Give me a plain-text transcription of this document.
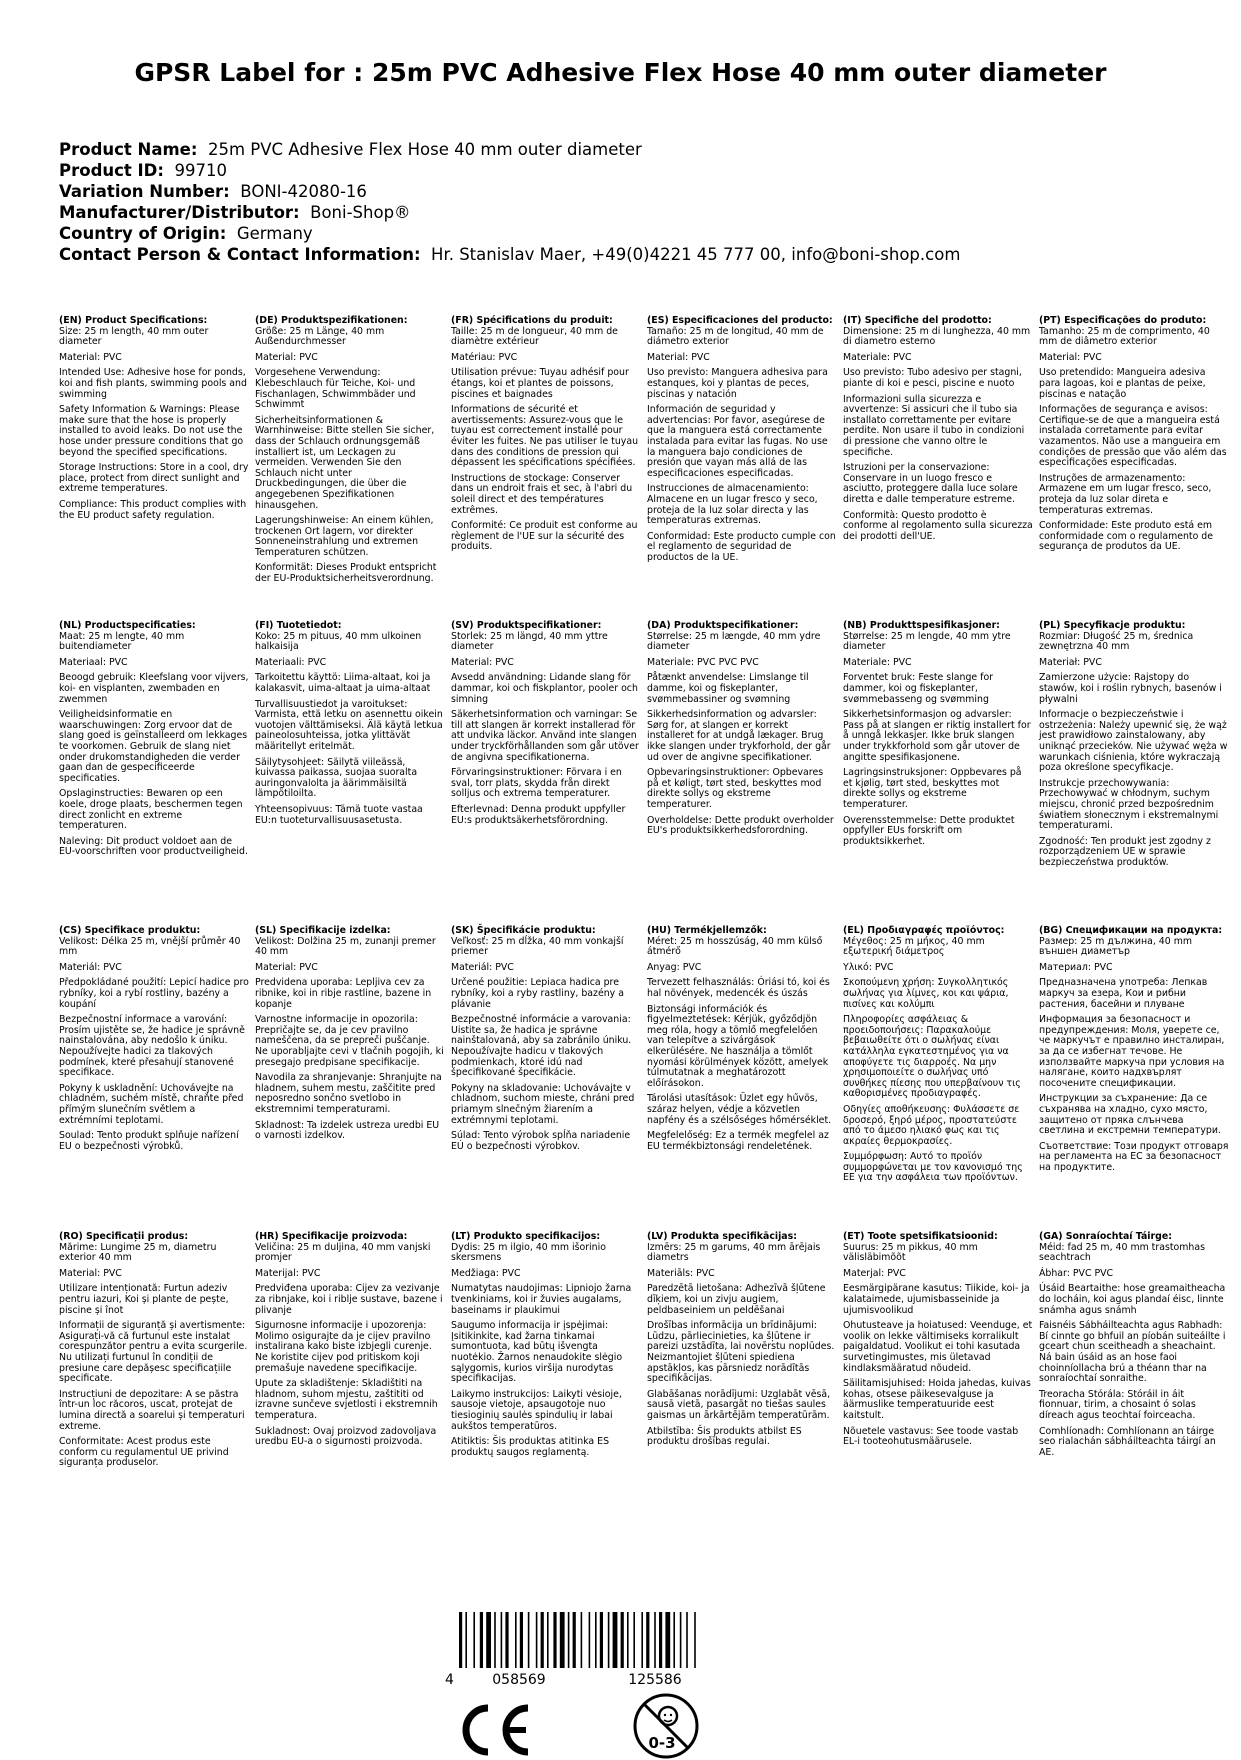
GPSR Label for : 25m PVC Adhesive Flex Hose 40 mm outer diameter
Product Name: 25m PVC Adhesive Flex Hose 40 mm outer diameter
Product ID: 99710
Variation Number: BONI-42080-16
Manufacturer/Distributor: Boni-Shop®
Country of Origin: Germany
Contact Person & Contact Information: Hr. Stanislav Maer, +49(0)4221 45 777 00, info@boni-shop.com
(EN) Product Specifications:

Size: 25 m length, 40 mm outer diameter

Material: PVC

Intended Use: Adhesive hose for ponds, koi and fish plants, swimming pools and swimming

Safety Information & Warnings: Please make sure that the hose is properly installed to avoid leaks. Do not use the hose under pressure conditions that go beyond the specified specifications.

Storage Instructions: Store in a cool, dry place, protect from direct sunlight and extreme temperatures.

Compliance: This product complies with the EU product safety regulation.

(DE) Produktspezifikationen:

Größe: 25 m Länge, 40 mm Außendurchmesser

Material: PVC

Vorgesehene Verwendung: Klebeschlauch für Teiche, Koi- und Fischanlagen, Schwimmbäder und Schwimmt

Sicherheitsinformationen & Warnhinweise: Bitte stellen Sie sicher, dass der Schlauch ordnungsgemäß installiert ist, um Leckagen zu vermeiden. Verwenden Sie den Schlauch nicht unter Druckbedingungen, die über die angegebenen Spezifikationen hinausgehen.

Lagerungshinweise: An einem kühlen, trockenen Ort lagern, vor direkter Sonneneinstrahlung und extremen Temperaturen schützen.

Konformität: Dieses Produkt entspricht der EU-Produktsicherheitsverordnung.

(FR) Spécifications du produit:

Taille: 25 m de longueur, 40 mm de diamètre extérieur

Matériau: PVC

Utilisation prévue: Tuyau adhésif pour étangs, koi et plantes de poissons, piscines et baignades

Informations de sécurité et avertissements: Assurez-vous que le tuyau est correctement installé pour éviter les fuites. Ne pas utiliser le tuyau dans des conditions de pression qui dépassent les spécifications spécifiées.

Instructions de stockage: Conserver dans un endroit frais et sec, à l'abri du soleil direct et des températures extrêmes.

Conformité: Ce produit est conforme au règlement de l'UE sur la sécurité des produits.

(ES) Especificaciones del producto:

Tamaño: 25 m de longitud, 40 mm de diámetro exterior

Material: PVC

Uso previsto: Manguera adhesiva para estanques, koi y plantas de peces, piscinas y natación

Información de seguridad y advertencias: Por favor, asegúrese de que la manguera está correctamente instalada para evitar las fugas. No use la manguera bajo condiciones de presión que vayan más allá de las especificaciones especificadas.

Instrucciones de almacenamiento: Almacene en un lugar fresco y seco, proteja de la luz solar directa y las temperaturas extremas.

Conformidad: Este producto cumple con el reglamento de seguridad de productos de la UE.

(IT) Specifiche del prodotto:

Dimensione: 25 m di lunghezza, 40 mm di diametro esterno

Materiale: PVC

Uso previsto: Tubo adesivo per stagni, piante di koi e pesci, piscine e nuoto

Informazioni sulla sicurezza e avvertenze: Si assicuri che il tubo sia installato correttamente per evitare perdite. Non usare il tubo in condizioni di pressione che vanno oltre le specifiche.

Istruzioni per la conservazione: Conservare in un luogo fresco e asciutto, proteggere dalla luce solare diretta e dalle temperature estreme.

Conformità: Questo prodotto è conforme al regolamento sulla sicurezza dei prodotti dell'UE.

(PT) Especificações do produto:

Tamanho: 25 m de comprimento, 40 mm de diâmetro exterior

Material: PVC

Uso pretendido: Mangueira adesiva para lagoas, koi e plantas de peixe, piscinas e natação

Informações de segurança e avisos: Certifique-se de que a mangueira está instalada corretamente para evitar vazamentos. Não use a mangueira em condições de pressão que vão além das especificações especificadas.

Instruções de armazenamento: Armazene em um lugar fresco, seco, proteja da luz solar direta e temperaturas extremas.

Conformidade: Este produto está em conformidade com o regulamento de segurança de produtos da UE.

(NL) Productspecificaties:

Maat: 25 m lengte, 40 mm buitendiameter

Materiaal: PVC

Beoogd gebruik: Kleefslang voor vijvers, koi- en visplanten, zwembaden en zwemmen

Veiligheidsinformatie en waarschuwingen: Zorg ervoor dat de slang goed is geïnstalleerd om lekkages te voorkomen. Gebruik de slang niet onder drukomstandigheden die verder gaan dan de gespecificeerde specificaties.

Opslaginstructies: Bewaren op een koele, droge plaats, beschermen tegen direct zonlicht en extreme temperaturen.

Naleving: Dit product voldoet aan de EU-voorschriften voor productveiligheid.

(FI) Tuotetiedot:

Koko: 25 m pituus, 40 mm ulkoinen halkaisija

Materiaali: PVC

Tarkoitettu käyttö: Liima-altaat, koi ja kalakasvit, uima-altaat ja uima-altaat

Turvallisuustiedot ja varoitukset: Varmista, että letku on asennettu oikein vuotojen välttämiseksi. Älä käytä letkua paineolosuhteissa, jotka ylittävät määritellyt eritelmät.

Säilytysohjeet: Säilytä viileässä, kuivassa paikassa, suojaa suoralta auringonvalolta ja äärimmäisiltä lämpötiloilta.

Yhteensopivuus: Tämä tuote vastaa EU:n tuoteturvallisuusasetusta.

(SV) Produktspecifikationer:

Storlek: 25 m längd, 40 mm yttre diameter

Material: PVC

Avsedd användning: Lidande slang för dammar, koi och fiskplantor, pooler och simning

Säkerhetsinformation och varningar: Se till att slangen är korrekt installerad för att undvika läckor. Använd inte slangen under tryckförhållanden som går utöver de angivna specifikationerna.

Förvaringsinstruktioner: Förvara i en sval, torr plats, skydda från direkt solljus och extrema temperaturer.

Efterlevnad: Denna produkt uppfyller EU:s produktsäkerhetsförordning.

(DA) Produktspecifikationer:

Størrelse: 25 m længde, 40 mm ydre diameter

Materiale: PVC PVC PVC

Påtænkt anvendelse: Limslange til damme, koi og fiskeplanter, svømmebassiner og svømning

Sikkerhedsinformation og advarsler: Sørg for, at slangen er korrekt installeret for at undgå lækager. Brug ikke slangen under trykforhold, der går ud over de angivne specifikationer.

Opbevaringsinstruktioner: Opbevares på et køligt, tørt sted, beskyttes mod direkte sollys og ekstreme temperaturer.

Overholdelse: Dette produkt overholder EU's produktsikkerhedsforordning.

(NB) Produkttspesifikasjoner:

Størrelse: 25 m lengde, 40 mm ytre diameter

Materiale: PVC

Forventet bruk: Feste slange for dammer, koi og fiskeplanter, svømmebasseng og svømming

Sikkerhetsinformasjon og advarsler: Pass på at slangen er riktig installert for å unngå lekkasjer. Ikke bruk slangen under trykkforhold som går utover de angitte spesifikasjonene.

Lagringsinstruksjoner: Oppbevares på et kjølig, tørt sted, beskyttes mot direkte sollys og ekstreme temperaturer.

Overensstemmelse: Dette produktet oppfyller EUs forskrift om produktsikkerhet.

(PL) Specyfikacje produktu:

Rozmiar: Długość 25 m, średnica zewnętrzna 40 mm

Materiał: PVC

Zamierzone użycie: Rajstopy do stawów, koi i roślin rybnych, basenów i pływalni

Informacje o bezpieczeństwie i ostrzeżenia: Należy upewnić się, że wąż jest prawidłowo zainstalowany, aby uniknąć przecieków. Nie używać węża w warunkach ciśnienia, które wykraczają poza określone specyfikacje.

Instrukcje przechowywania: Przechowywać w chłodnym, suchym miejscu, chronić przed bezpośrednim światłem słonecznym i ekstremalnymi temperaturami.

Zgodność: Ten produkt jest zgodny z rozporządzeniem UE w sprawie bezpieczeństwa produktów.

(CS) Specifikace produktu:

Velikost: Délka 25 m, vnější průměr 40 mm

Materiál: PVC

Předpokládané použití: Lepicí hadice pro rybníky, koi a rybí rostliny, bazény a koupání

Bezpečnostní informace a varování: Prosím ujistěte se, že hadice je správně nainstalována, aby nedošlo k úniku. Nepoužívejte hadici za tlakových podmínek, které přesahují stanovené specifikace.

Pokyny k uskladnění: Uchovávejte na chladném, suchém místě, chraňte před přímým slunečním světlem a extrémními teplotami.

Soulad: Tento produkt splňuje nařízení EU o bezpečnosti výrobků.

(SL) Specifikacije izdelka:

Velikost: Dolžina 25 m, zunanji premer 40 mm

Material: PVC

Predvidena uporaba: Lepljiva cev za ribnike, koi in ribje rastline, bazene in kopanje

Varnostne informacije in opozorila: Prepričajte se, da je cev pravilno nameščena, da se prepreči puščanje. Ne uporabljajte cevi v tlačnih pogojih, ki presegajo predpisane specifikacije.

Navodila za shranjevanje: Shranjujte na hladnem, suhem mestu, zaščitite pred neposredno sončno svetlobo in ekstremnimi temperaturami.

Skladnost: Ta izdelek ustreza uredbi EU o varnosti izdelkov.

(SK) Špecifikácie produktu:

Veľkosť: 25 m dĺžka, 40 mm vonkajší priemer

Materiál: PVC

Určené použitie: Lepiaca hadica pre rybníky, koi a ryby rastliny, bazény a plávanie

Bezpečnostné informácie a varovania: Uistite sa, že hadica je správne nainštalovaná, aby sa zabránilo úniku. Nepoužívajte hadicu v tlakových podmienkach, ktoré idú nad špecifikované špecifikácie.

Pokyny na skladovanie: Uchovávajte v chladnom, suchom mieste, chráni pred priamym slnečným žiarením a extrémnymi teplotami.

Súlad: Tento výrobok spĺňa nariadenie EÚ o bezpečnosti výrobkov.

(HU) Termékjellemzők:

Méret: 25 m hosszúság, 40 mm külső átmérő

Anyag: PVC

Tervezett felhasználás: Óriási tó, koi és hal növények, medencék és úszás

Biztonsági információk és figyelmeztetések: Kérjük, győződjön meg róla, hogy a tömlő megfelelően van telepítve a szivárgások elkerülésére. Ne használja a tömlőt nyomási körülmények között, amelyek túlmutatnak a meghatározott előírásokon.

Tárolási utasítások: Üzlet egy hűvös, száraz helyen, védje a közvetlen napfény és a szélsőséges hőmérséklet.

Megfelelőség: Ez a termék megfelel az EU termékbiztonsági rendeletének.

(EL) Προδιαγραφές προϊόντος:

Μέγεθος: 25 m μήκος, 40 mm εξωτερική διάμετρος

Υλικό: PVC

Σκοπούμενη χρήση: Συγκολλητικός σωλήνας για λίμνες, κοι και ψάρια, πισίνες και κολύμπι

Πληροφορίες ασφάλειας & προειδοποιήσεις: Παρακαλούμε βεβαιωθείτε ότι ο σωλήνας είναι κατάλληλα εγκατεστημένος για να αποφύγετε τις διαρροές. Να μην χρησιμοποιείτε ο σωλήνας υπό συνθήκες πίεσης που υπερβαίνουν τις καθορισμένες προδιαγραφές.

Οδηγίες αποθήκευσης: Φυλάσσετε σε δροσερό, ξηρό μέρος, προστατεύστε από το άμεσο ηλιακό φως και τις ακραίες θερμοκρασίες.

Συμμόρφωση: Αυτό το προϊόν συμμορφώνεται με τον κανονισμό της ΕΕ για την ασφάλεια των προϊόντων.

(BG) Спецификации на продукта:

Размер: 25 m дължина, 40 mm външен диаметър

Материал: PVC

Предназначена употреба: Лепкав маркуч за езера, Кои и рибни растения, басейни и плуване

Информация за безопасност и предупреждения: Моля, уверете се, че маркучът е правилно инсталиран, за да се избегнат течове. Не използвайте маркуча при условия на налягане, които надхвърлят посочените спецификации.

Инструкции за съхранение: Да се съхранява на хладно, сухо място, защитено от пряка слънчева светлина и екстремни температури.

Съответствие: Този продукт отговаря на регламента на ЕС за безопасност на продуктите.

(RO) Specificații produs:

Mărime: Lungime 25 m, diametru exterior 40 mm

Material: PVC

Utilizare intenționată: Furtun adeziv pentru iazuri, Koi și plante de pește, piscine și înot

Informații de siguranță și avertismente: Asigurați-vă că furtunul este instalat corespunzător pentru a evita scurgerile. Nu utilizați furtunul în condiții de presiune care depășesc specificațiile specificate.

Instrucțiuni de depozitare: A se păstra într-un loc răcoros, uscat, protejat de lumina directă a soarelui și temperaturi extreme.

Conformitate: Acest produs este conform cu regulamentul UE privind siguranța produselor.

(HR) Specifikacije proizvoda:

Veličina: 25 m duljina, 40 mm vanjski promjer

Materijal: PVC

Predviđena uporaba: Cijev za vezivanje za ribnjake, koi i riblje sustave, bazene i plivanje

Sigurnosne informacije i upozorenja: Molimo osigurajte da je cijev pravilno instalirana kako biste izbjegli curenje. Ne koristite cijev pod pritiskom koji premašuje navedene specifikacije.

Upute za skladištenje: Skladištiti na hladnom, suhom mjestu, zaštititi od izravne sunčeve svjetlosti i ekstremnih temperatura.

Sukladnost: Ovaj proizvod zadovoljava uredbu EU-a o sigurnosti proizvoda.

(LT) Produkto specifikacijos:

Dydis: 25 m ilgio, 40 mm išorinio skersmens

Medžiaga: PVC

Numatytas naudojimas: Lipniojo žarna tvenkiniams, koi ir žuvies augalams, baseinams ir plaukimui

Saugumo informacija ir įspėjimai: Įsitikinkite, kad žarna tinkamai sumontuota, kad būtų išvengta nuotėkio. Žarnos nenaudokite slėgio sąlygomis, kurios viršija nurodytas specifikacijas.

Laikymo instrukcijos: Laikyti vėsioje, sausoje vietoje, apsaugotoje nuo tiesioginių saulės spindulių ir labai aukštos temperatūros.

Atitiktis: Šis produktas atitinka ES produktų saugos reglamentą.

(LV) Produkta specifikācijas:

Izmērs: 25 m garums, 40 mm ārējais diametrs

Materiāls: PVC

Paredzētā lietošana: Adhezīvā šļūtene dīķiem, koi un zivju augiem, peldbaseiniem un peldēšanai

Drošības informācija un brīdinājumi: Lūdzu, pārliecinieties, ka šļūtene ir pareizi uzstādīta, lai novērstu noplūdes. Neizmantojiet šļūteni spiediena apstākļos, kas pārsniedz norādītās specifikācijas.

Glabāšanas norādījumi: Uzglabāt vēsā, sausā vietā, pasargāt no tiešas saules gaismas un ārkārtējām temperatūrām.

Atbilstība: Šis produkts atbilst ES produktu drošības regulai.

(ET) Toote spetsifikatsioonid:

Suurus: 25 m pikkus, 40 mm välisläbimõõt

Materjal: PVC

Eesmärgipärane kasutus: Tiikide, koi- ja kalataimede, ujumisbasseinide ja ujumisvoolikud

Ohutusteave ja hoiatused: Veenduge, et voolik on lekke vältimiseks korralikult paigaldatud. Voolikut ei tohi kasutada survetingimustes, mis ületavad kindlaksmääratud nõudeid.

Säilitamisjuhised: Hoida jahedas, kuivas kohas, otsese päikesevalguse ja äärmuslike temperatuuride eest kaitstult.

Nõuetele vastavus: See toode vastab EL-i tooteohutusmäärusele.

(GA) Sonraíochtaí Táirge:

Méid: fad 25 m, 40 mm trastomhas seachtrach

Ábhar: PVC PVC

Úsáid Beartaithe: hose greamaitheacha do locháin, koi agus plandaí éisc, linnte snámha agus snámh

Faisnéis Sábháilteachta agus Rabhadh: Bí cinnte go bhfuil an píobán suiteáilte i gceart chun sceitheadh a sheachaint. Ná bain úsáid as an hose faoi choinníollacha brú a théann thar na sonraíochtaí sonraithe.

Treoracha Stórála: Stóráil in áit fionnuar, tirim, a chosaint ó solas díreach agus teochtaí foirceacha.

Comhlíonadh: Comhlíonann an táirge seo rialachán sábháilteachta táirgí an AE.

4	058569	125586
0-3
